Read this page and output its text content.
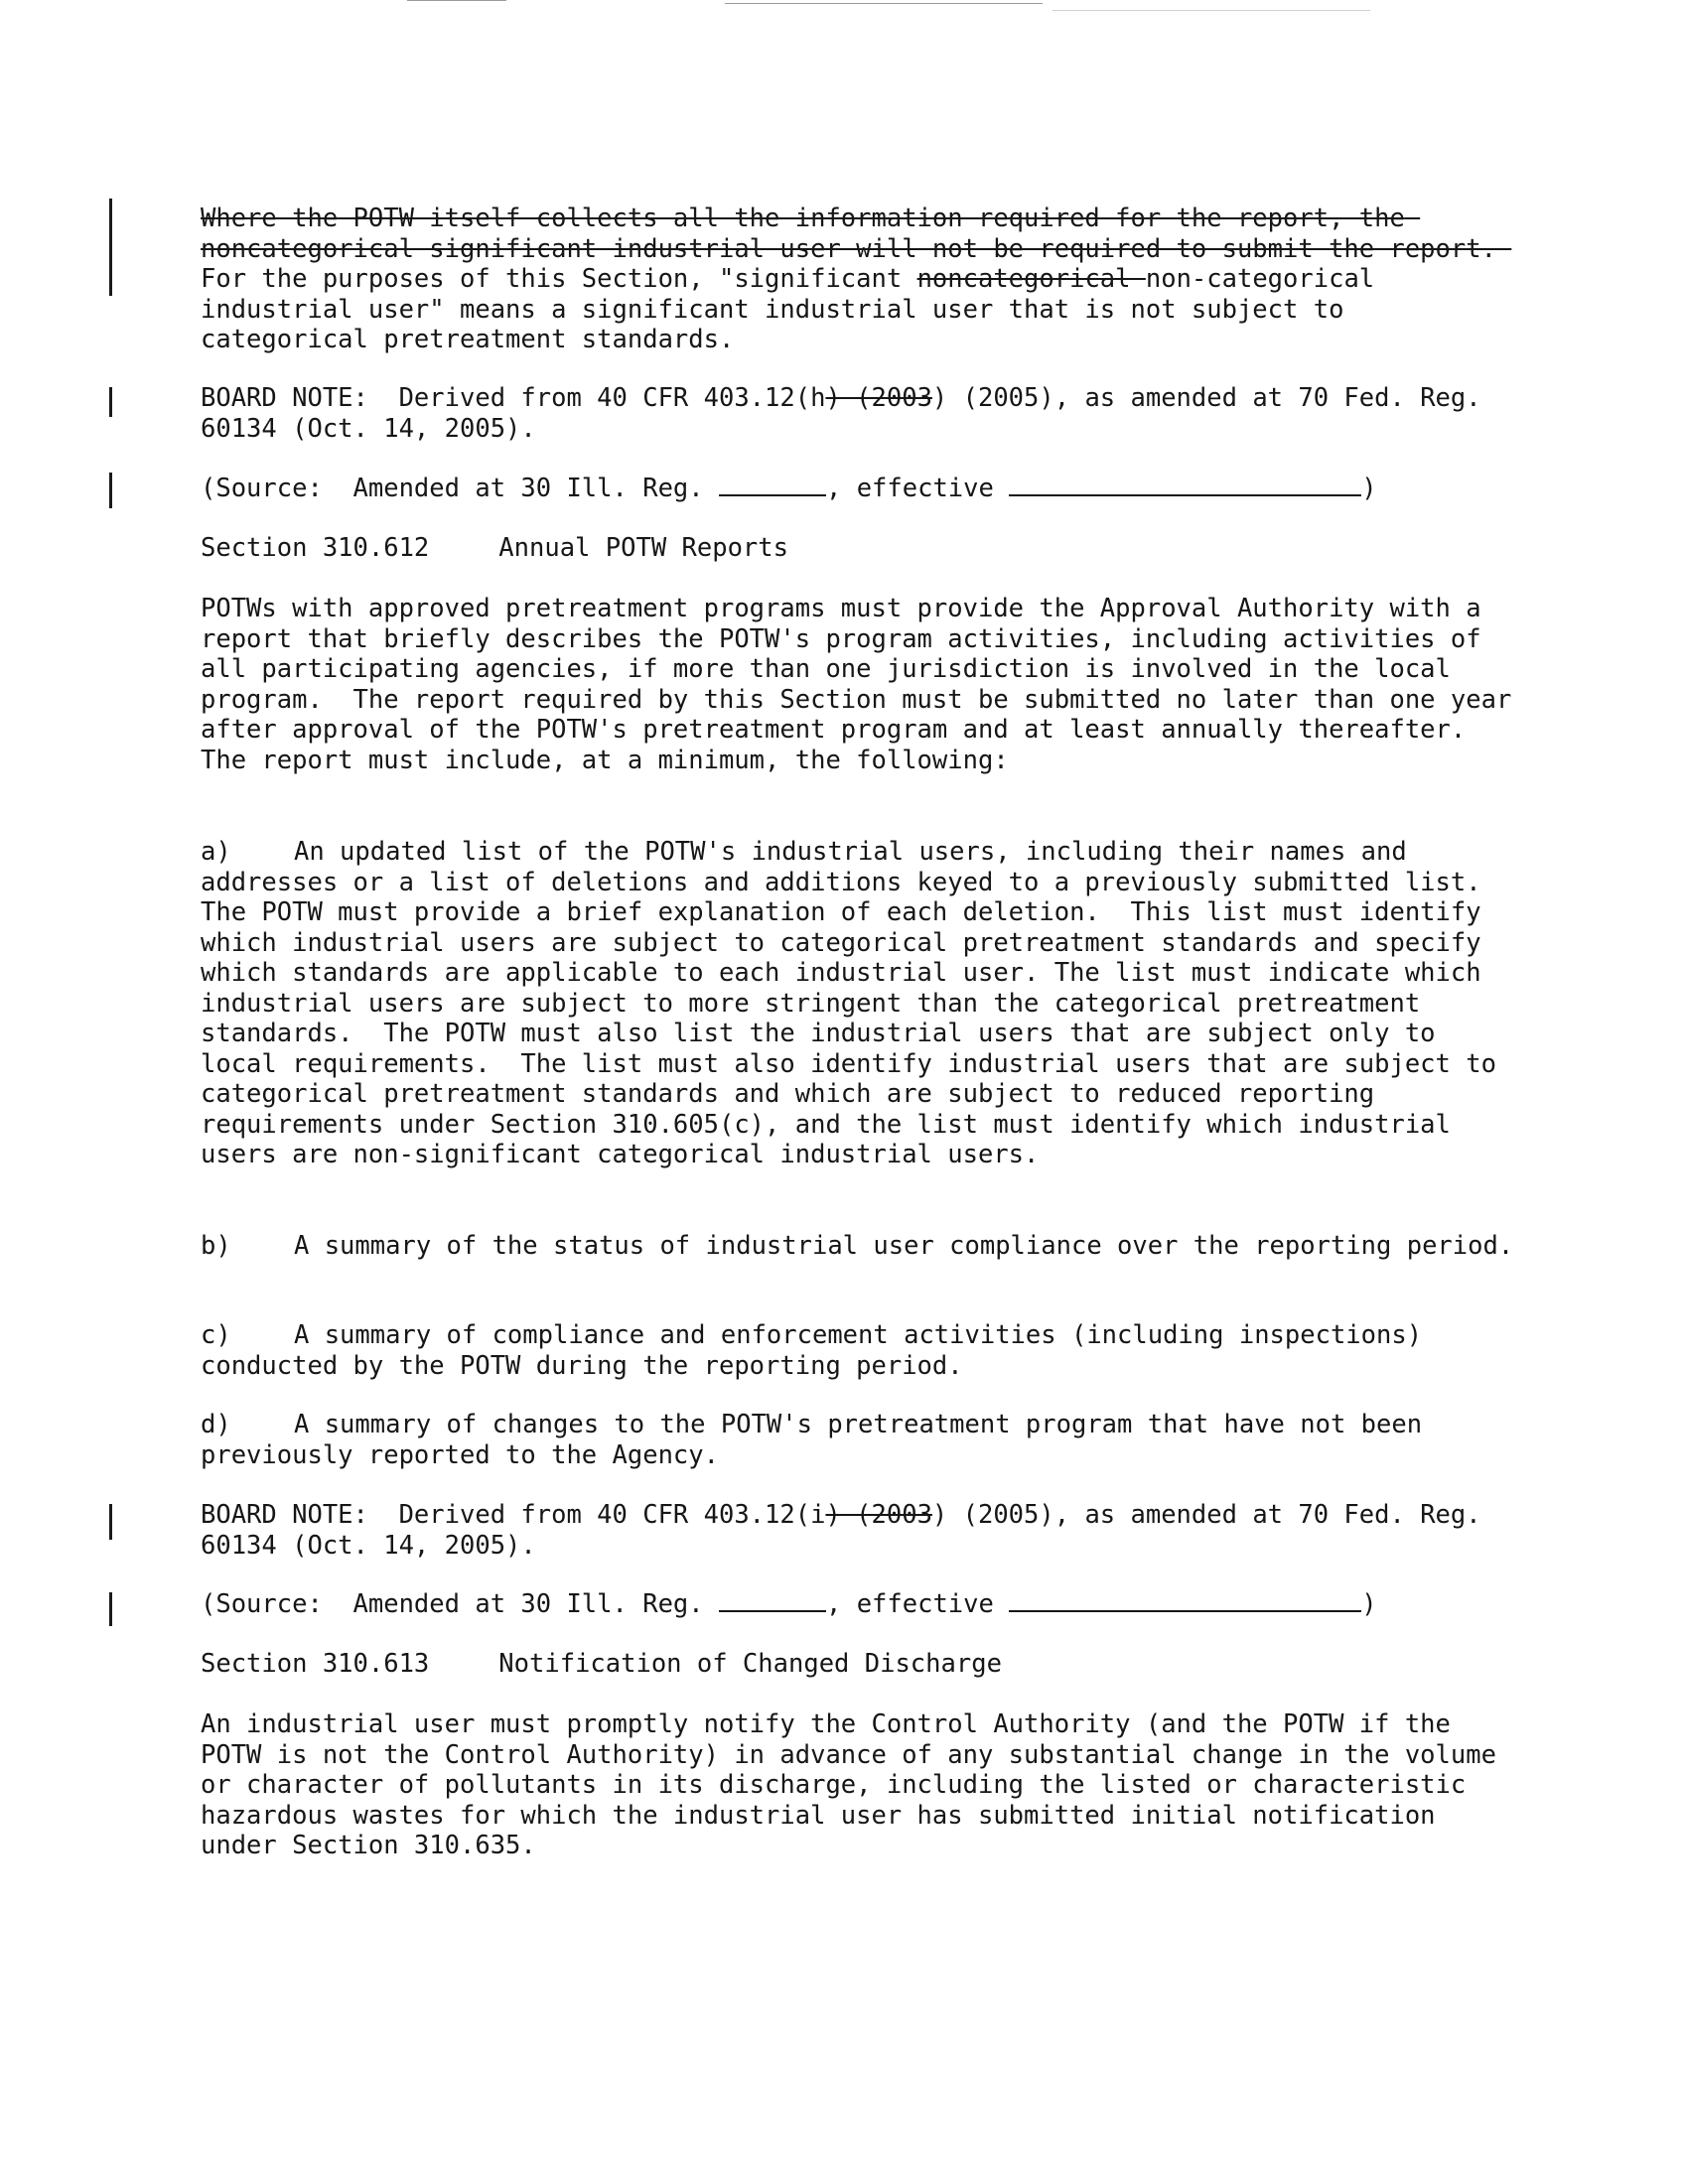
Where the POTW itself collects all the information required for the report, the noncategorical significant industrial user will not be required to submit the report. For the purposes of this Section, "significant noncategorical non-categorical industrial user" means a significant industrial user that is not subject to categorical pretreatment standards.
BOARD NOTE:  Derived from 40 CFR 403.12(h) (2003) (2005), as amended at 70 Fed. Reg. 60134 (Oct. 14, 2005).
(Source:  Amended at 30 Ill. Reg.	, effective	)
Section 310.612	Annual POTW Reports
POTWs with approved pretreatment programs must provide the Approval Authority with a report that briefly describes the POTW's program activities, including activities of all participating agencies, if more than one jurisdiction is involved in the local program.  The report required by this Section must be submitted no later than one year after approval of the POTW's pretreatment program and at least annually thereafter.  The report must include, at a minimum, the following:
a) An updated list of the POTW's industrial users, including their names and addresses or a list of deletions and additions keyed to a previously submitted list.  The POTW must provide a brief explanation of each deletion.  This list must identify which industrial users are subject to categorical pretreatment standards and specify which standards are applicable to each industrial user. The list must indicate which industrial users are subject to more stringent than the categorical pretreatment standards.  The POTW must also list the industrial users that are subject only to local requirements.  The list must also identify industrial users that are subject to categorical pretreatment standards and which are subject to reduced reporting requirements under Section 310.605(c), and the list must identify which industrial users are non-significant categorical industrial users.
b) A summary of the status of industrial user compliance over the reporting period.
c) A summary of compliance and enforcement activities (including inspections) conducted by the POTW during the reporting period.
d) A summary of changes to the POTW's pretreatment program that have not been previously reported to the Agency.
BOARD NOTE:  Derived from 40 CFR 403.12(i) (2003) (2005), as amended at 70 Fed. Reg. 60134 (Oct. 14, 2005).
(Source:  Amended at 30 Ill. Reg.	, effective	)
Section 310.613	Notification of Changed Discharge
An industrial user must promptly notify the Control Authority (and the POTW if the POTW is not the Control Authority) in advance of any substantial change in the volume or character of pollutants in its discharge, including the listed or characteristic hazardous wastes for which the industrial user has submitted initial notification under Section 310.635.
